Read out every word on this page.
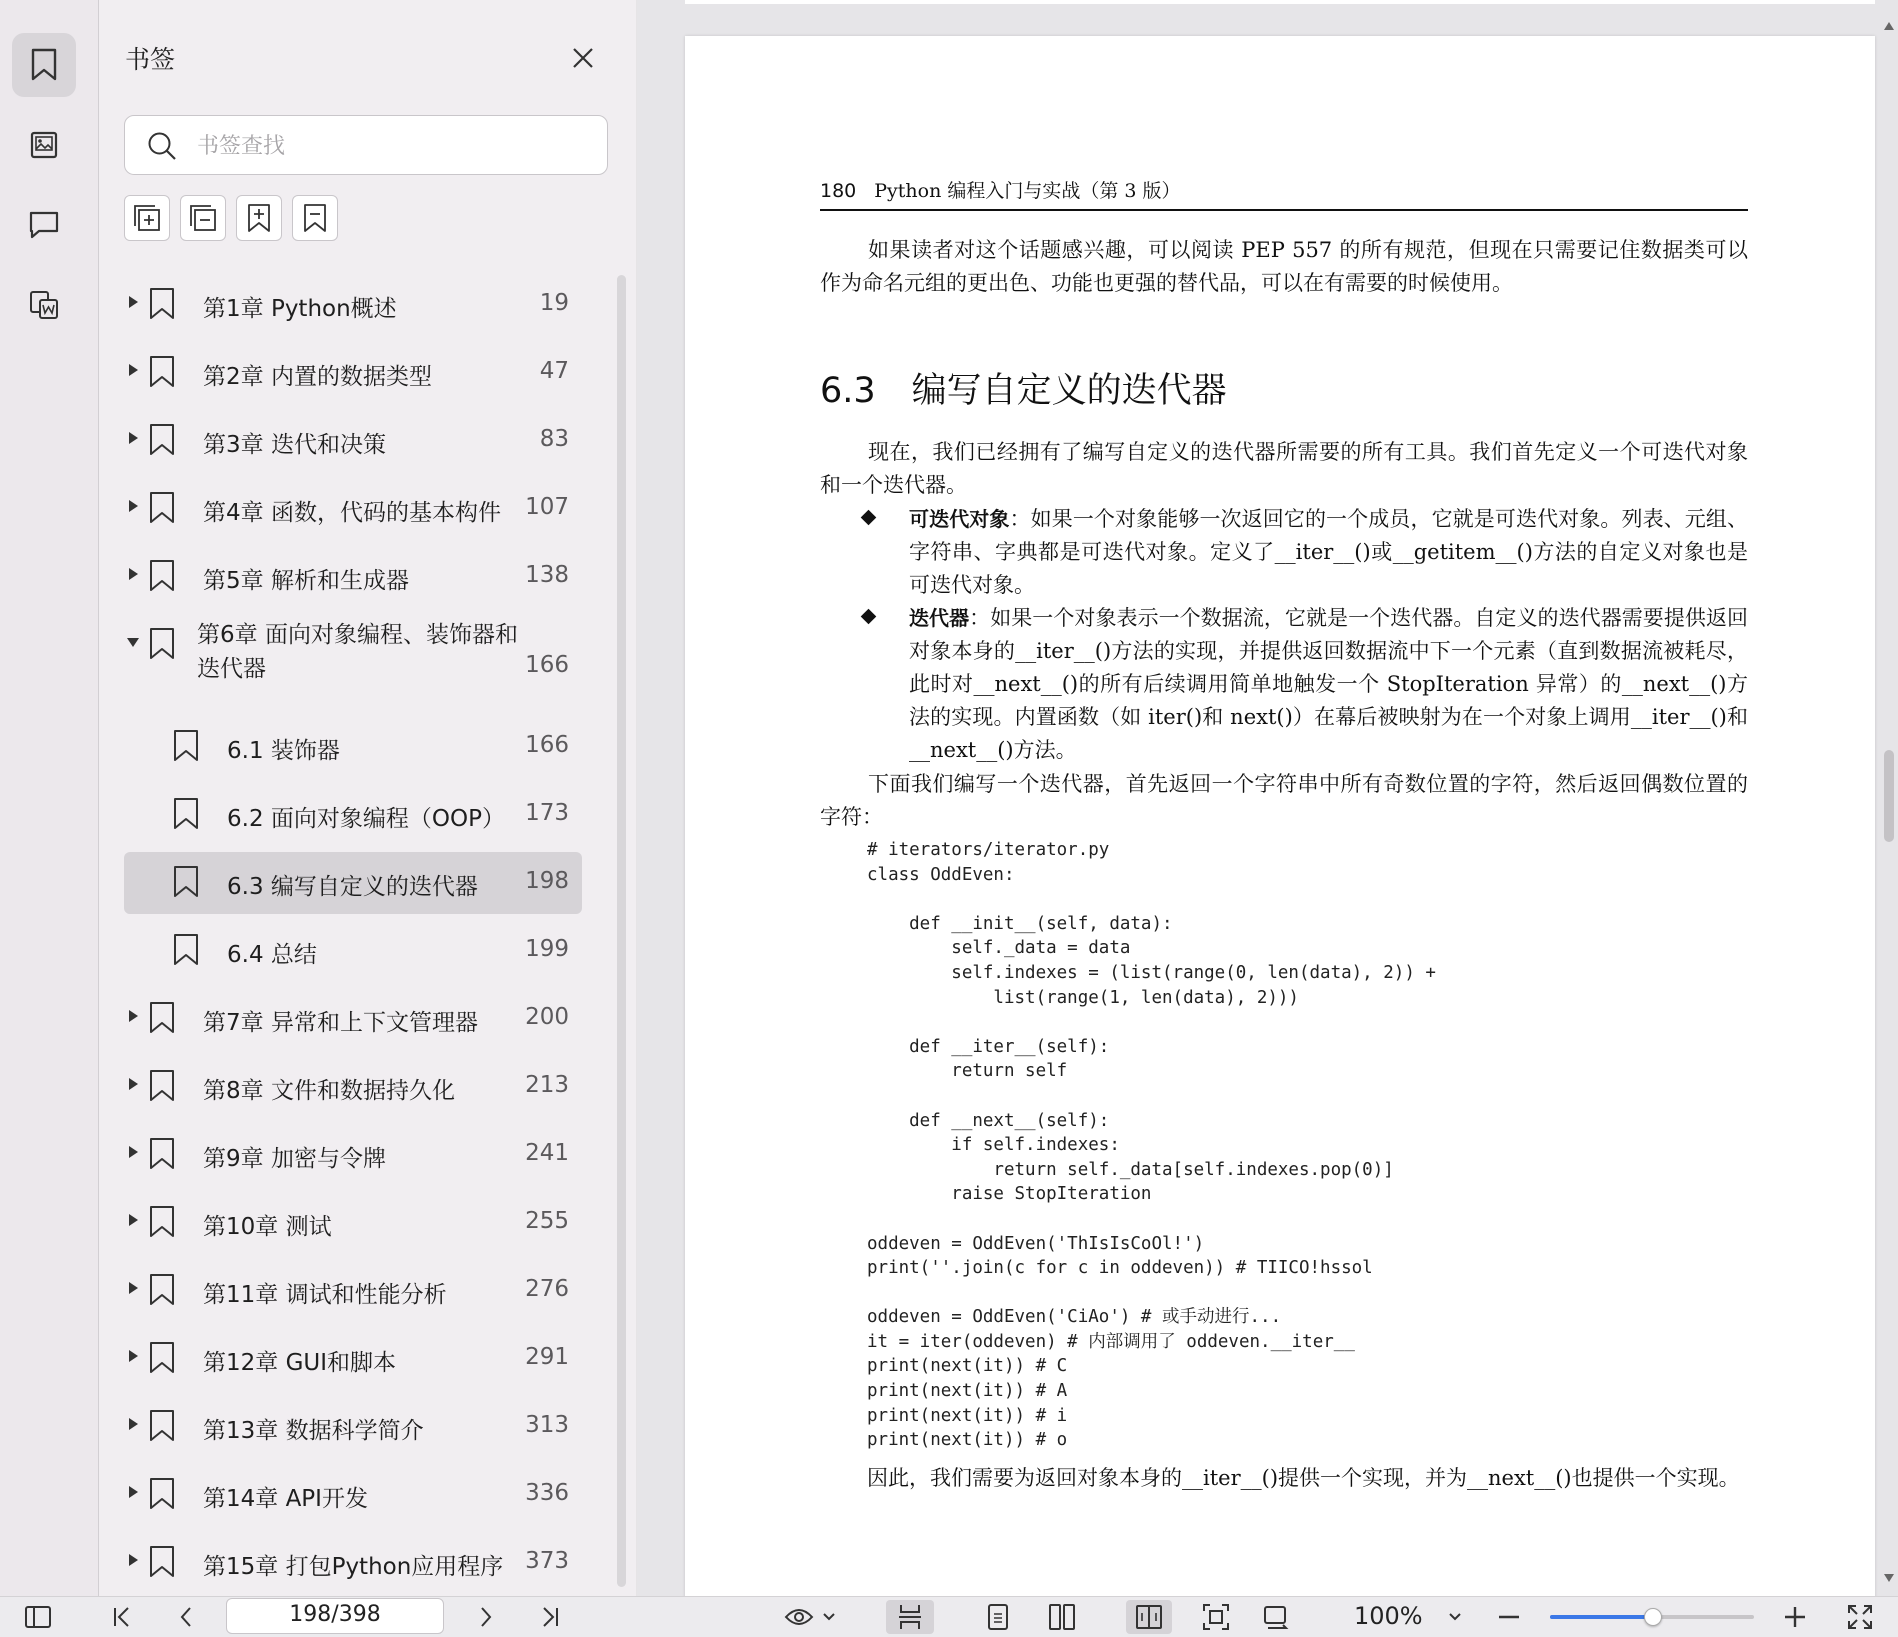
书签
书签查找
第1章 Python概述	19
第2章 内置的数据类型	47
第3章 迭代和决策	83
第4章 函数，代码的基本构件 107
第5章 解析和生成器	138
第6章 面向对象编程、装饰器和迭代器	166
6.1 装饰器	166
6.2 面向对象编程（OOP） 173
6.3 编写自定义的迭代器 198
6.4 总结	199
第7章 异常和上下文管理器 200
第8章 文件和数据持久化	213
第9章 加密与令牌	241
第10章 测试	255
第11章 调试和性能分析	276
第12章 GUI和脚本	291
第13章 数据科学简介	313
第14章 API开发	336
第15章 打包Python应用程序 373
180 Python 编程入门与实战（第 3 版）
如果读者对这个话题感兴趣，可以阅读 PEP 557 的所有规范，但现在只需要记住数据类可以作为命名元组的更出色、功能也更强的替代品，可以在有需要的时候使用。
6.3 编写自定义的迭代器
现在，我们已经拥有了编写自定义的迭代器所需要的所有工具。我们首先定义一个可迭代对象和一个迭代器。
可迭代对象：如果一个对象能够一次返回它的一个成员，它就是可迭代对象。列表、元组、字符串、字典都是可迭代对象。定义了__iter__()或__getitem__()方法的自定义对象也是可迭代对象。
迭代器：如果一个对象表示一个数据流，它就是一个迭代器。自定义的迭代器需要提供返回对象本身的__iter__()方法的实现，并提供返回数据流中下一个元素（直到数据流被耗尽，此时对__next__()的所有后续调用简单地触发一个 StopIteration 异常）的__next__()方法的实现。内置函数（如 iter()和 next()）在幕后被映射为在一个对象上调用__iter__()和__next__()方法。
下面我们编写一个迭代器，首先返回一个字符串中所有奇数位置的字符，然后返回偶数位置的字符：
# iterators/iterator.py
class OddEven:

def __init__(self, data):
self._data = data
self.indexes = (list(range(0, len(data), 2)) +
list(range(1, len(data), 2)))

def __iter__(self):
return self

def __next__(self):
if self.indexes:
return self._data[self.indexes.pop(0)]
raise StopIteration

oddeven = OddEven('ThIsIsCoOl!')
print(''.join(c for c in oddeven)) # TIICO!hssol

oddeven = OddEven('CiAo') # 或手动进行...
it = iter(oddeven) # 内部调用了 oddeven.__iter__
print(next(it)) # C
print(next(it)) # A
print(next(it)) # i
print(next(it)) # o
因此，我们需要为返回对象本身的__iter__()提供一个实现，并为__next__()也提供一个实现。
198/398	100%
